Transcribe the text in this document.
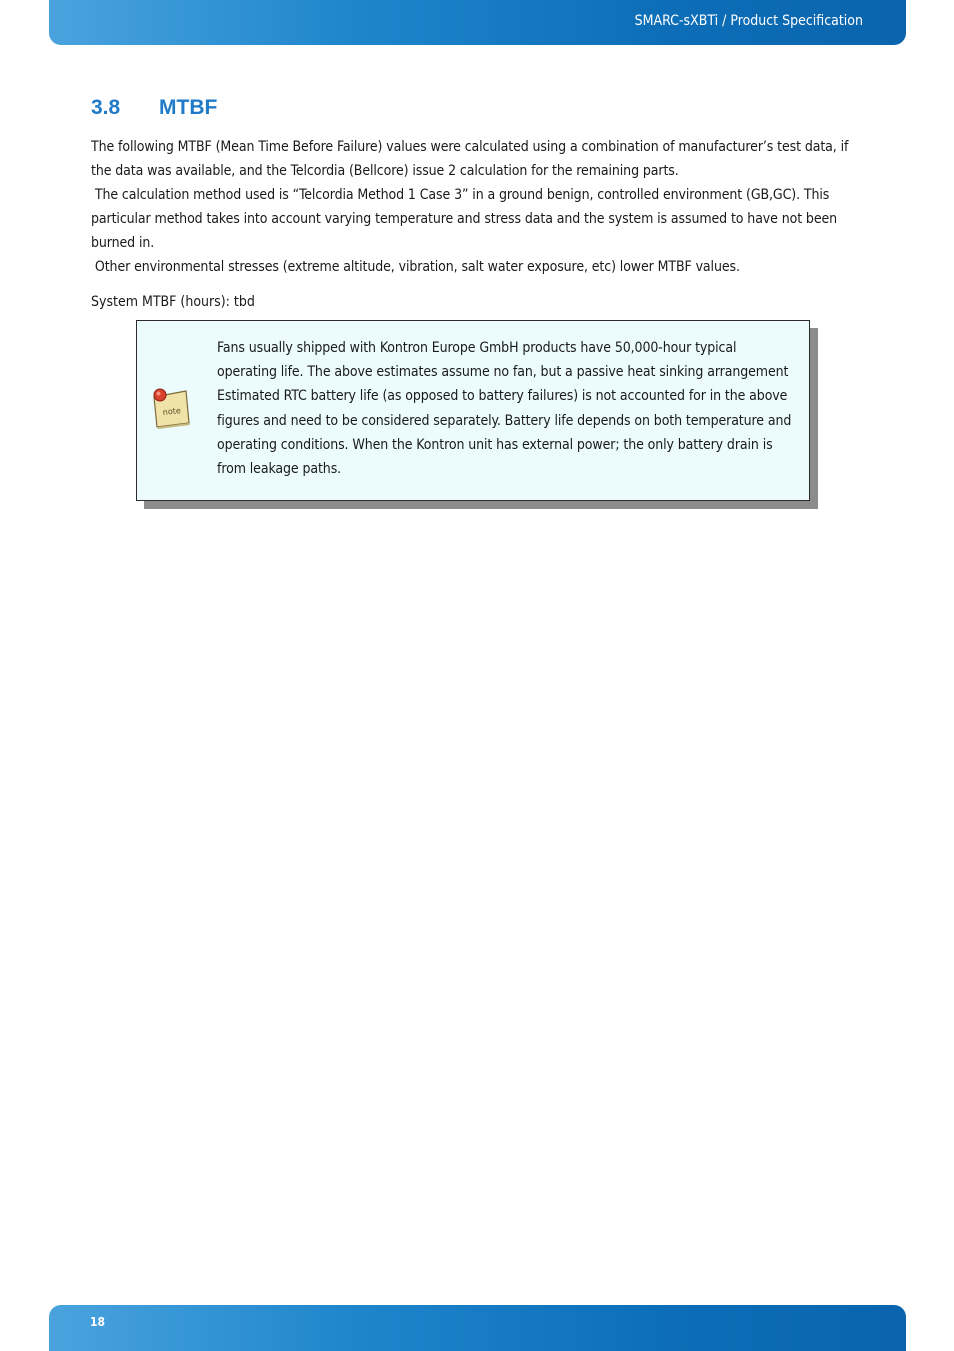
SMARC-sXBTi / Product Specification
3.8 MTBF

The following MTBF (Mean Time Before Failure) values were calculated using a combination of manufacturer’s test data, if the data was available, and the Telcordia (Bellcore) issue 2 calculation for the remaining parts.

The calculation method used is “Telcordia Method 1 Case 3” in a ground benign, controlled environment (GB,GC). This particular method takes into account varying temperature and stress data and the system is assumed to have not been burned in.

Other environmental stresses (extreme altitude, vibration, salt water exposure, etc) lower MTBF values.

System MTBF (hours): tbd
note
Fans usually shipped with Kontron Europe GmbH products have 50,000-hour typical operating life. The above estimates assume no fan, but a passive heat sinking arrangement
Estimated RTC battery life (as opposed to battery failures) is not accounted for in the above figures and need to be considered separately. Battery life depends on both temperature and operating conditions. When the Kontron unit has external power; the only battery drain is from leakage paths.
18
